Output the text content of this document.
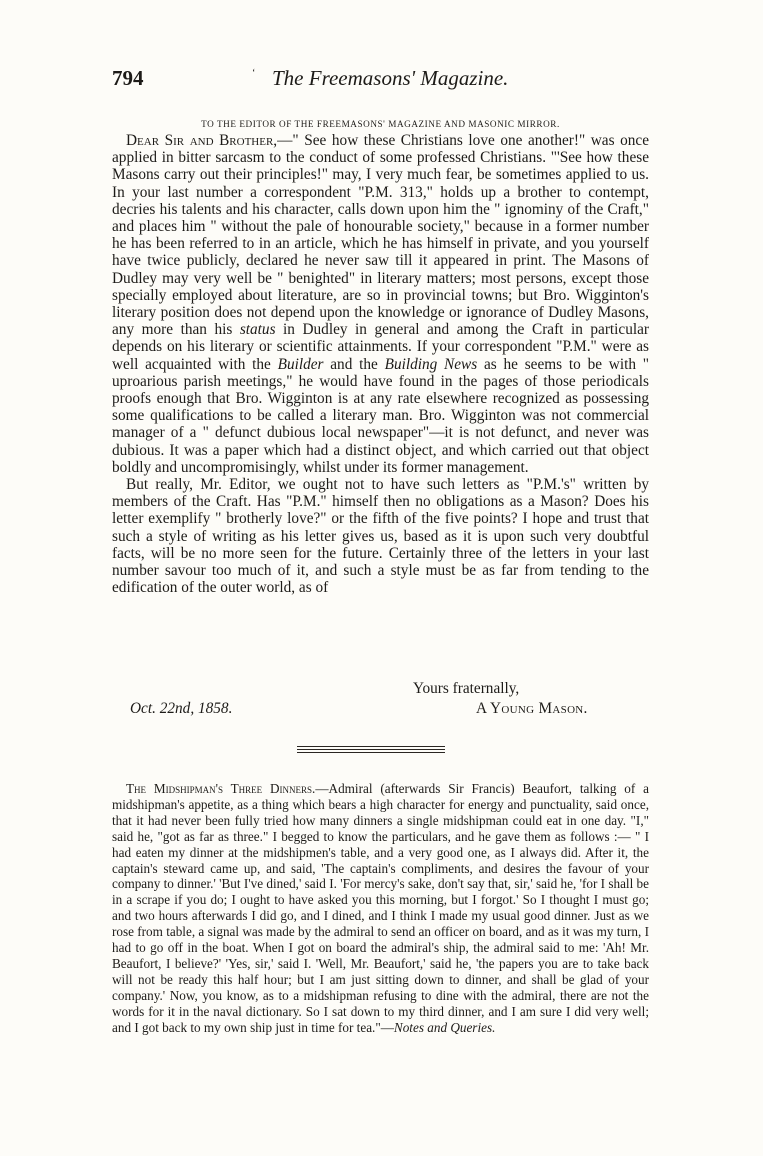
794	‘ The Freemasons' Magazine.
TO THE EDITOR OF THE FREEMASONS' MAGAZINE AND MASONIC MIRROR.

Dear Sir and Brother,—" See how these Christians love one another!" was once applied in bitter sarcasm to the conduct of some professed Christians. "'See how these Masons carry out their principles!" may, I very much fear, be sometimes applied to us. In your last number a correspondent "P.M. 313," holds up a brother to contempt, decries his talents and his character, calls down upon him the " ignominy of the Craft," and places him " without the pale of honourable society," because in a former number he has been referred to in an article, which he has himself in private, and you yourself have twice publicly, declared he never saw till it appeared in print. The Masons of Dudley may very well be " benighted" in literary matters; most persons, except those specially employed about literature, are so in provincial towns; but Bro. Wigginton's literary position does not depend upon the knowledge or ignorance of Dudley Masons, any more than his status in Dudley in general and among the Craft in particular depends on his literary or scientific attainments. If your correspondent "P.M." were as well acquainted with the Builder and the Building News as he seems to be with " uproarious parish meetings," he would have found in the pages of those periodicals proofs enough that Bro. Wigginton is at any rate elsewhere recognized as possessing some qualifications to be called a literary man. Bro. Wigginton was not commercial manager of a " defunct dubious local newspaper"—it is not defunct, and never was dubious. It was a paper which had a distinct object, and which carried out that object boldly and uncompromisingly, whilst under its former management.

But really, Mr. Editor, we ought not to have such letters as "P.M.'s" written by members of the Craft. Has "P.M." himself then no obligations as a Mason? Does his letter exemplify " brotherly love?" or the fifth of the five points? I hope and trust that such a style of writing as his letter gives us, based as it is upon such very doubtful facts, will be no more seen for the future. Certainly three of the letters in your last number savour too much of it, and such a style must be as far from tending to the edification of the outer world, as of

Yours fraternally,
Oct. 22nd, 1858.	A Young Mason.

The Midshipman's Three Dinners.—Admiral (afterwards Sir Francis) Beaufort, talking of a midshipman's appetite, as a thing which bears a high character for energy and punctuality, said once, that it had never been fully tried how many dinners a single midshipman could eat in one day. "I," said he, "got as far as three." I begged to know the particulars, and he gave them as follows :— " I had eaten my dinner at the midshipmen's table, and a very good one, as I always did. After it, the captain's steward came up, and said, 'The captain's compliments, and desires the favour of your company to dinner.' 'But I've dined,' said I. 'For mercy's sake, don't say that, sir,' said he, 'for I shall be in a scrape if you do; I ought to have asked you this morning, but I forgot.' So I thought I must go; and two hours afterwards I did go, and I dined, and I think I made my usual good dinner. Just as we rose from table, a signal was made by the admiral to send an officer on board, and as it was my turn, I had to go off in the boat. When I got on board the admiral's ship, the admiral said to me: 'Ah! Mr. Beaufort, I believe?' 'Yes, sir,' said I. 'Well, Mr. Beaufort,' said he, 'the papers you are to take back will not be ready this half hour; but I am just sitting down to dinner, and shall be glad of your company.' Now, you know, as to a midshipman refusing to dine with the admiral, there are not the words for it in the naval dictionary. So I sat down to my third dinner, and I am sure I did very well; and I got back to my own ship just in time for tea."—Notes and Queries.
